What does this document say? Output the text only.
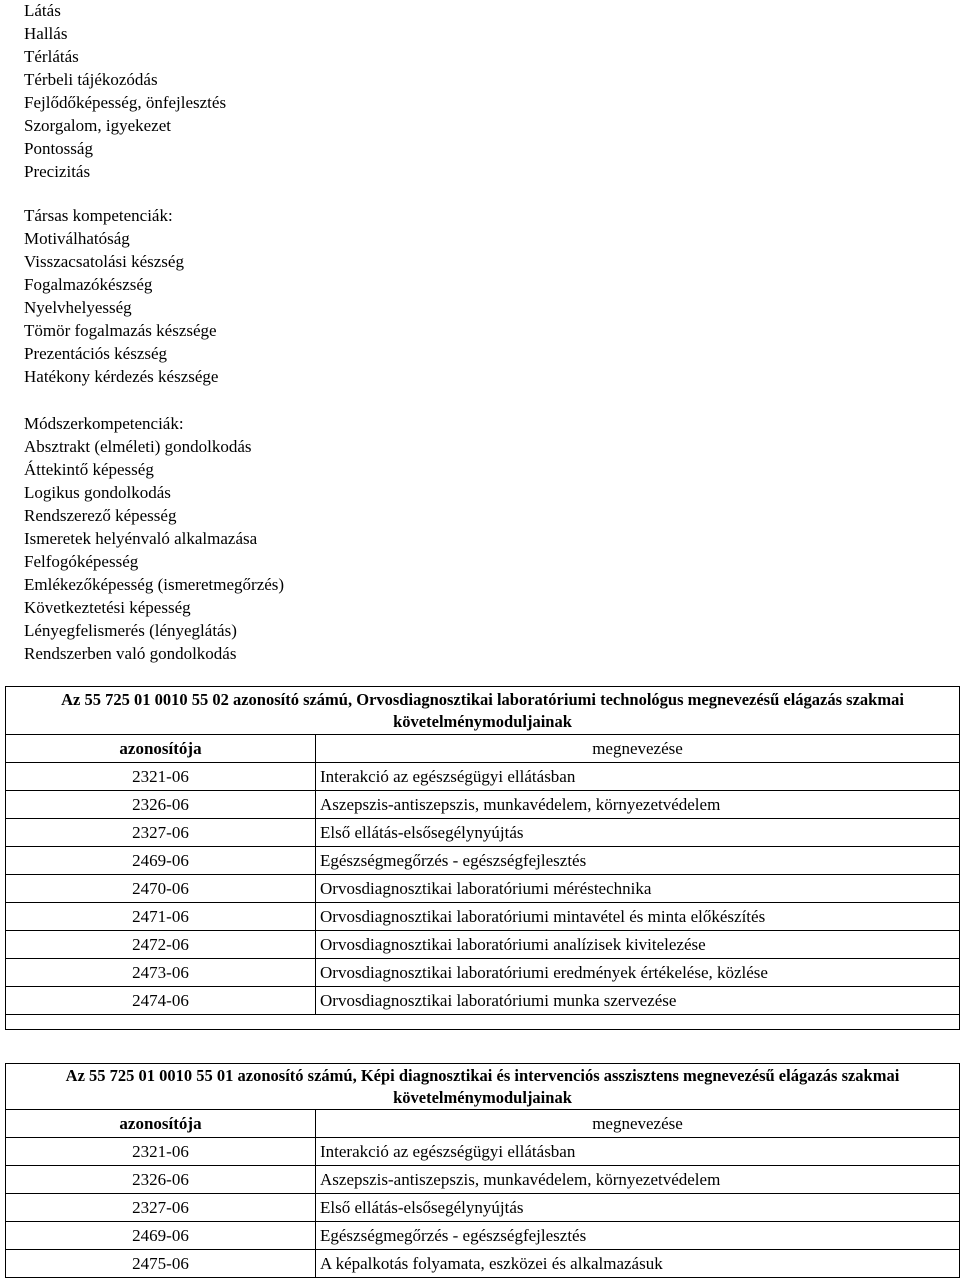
Látás
Hallás
Térlátás
Térbeli tájékozódás
Fejlődőképesség, önfejlesztés
Szorgalom, igyekezet
Pontosság
Precizitás
Társas kompetenciák:
Motiválhatóság
Visszacsatolási készség
Fogalmazókészség
Nyelvhelyesség
Tömör fogalmazás készsége
Prezentációs készség
Hatékony kérdezés készsége
Módszerkompetenciák:
Absztrakt (elméleti) gondolkodás
Áttekintő képesség
Logikus gondolkodás
Rendszerező képesség
Ismeretek helyénvaló alkalmazása
Felfogóképesség
Emlékezőképesség (ismeretmegőrzés)
Következtetési képesség
Lényegfelismerés (lényeglátás)
Rendszerben való gondolkodás
Az 55 725 01 0010 55 02 azonosító számú, Orvosdiagnosztikai laboratóriumi technológus megnevezésű elágazás szakmai követelménymoduljainak	
azonosítója	megnevezése
2321-06	Interakció az egészségügyi ellátásban
2326-06	Aszepszis-antiszepszis, munkavédelem, környezetvédelem
2327-06	Első ellátás-elsősegélynyújtás
2469-06	Egészségmegőrzés - egészségfejlesztés
2470-06	Orvosdiagnosztikai laboratóriumi méréstechnika
2471-06	Orvosdiagnosztikai laboratóriumi mintavétel és minta előkészítés
2472-06	Orvosdiagnosztikai laboratóriumi analízisek kivitelezése
2473-06	Orvosdiagnosztikai laboratóriumi eredmények értékelése, közlése
2474-06	Orvosdiagnosztikai laboratóriumi munka szervezése

Az 55 725 01 0010 55 01 azonosító számú, Képi diagnosztikai és intervenciós asszisztens megnevezésű elágazás szakmai követelménymoduljainak	
azonosítója	megnevezése
2321-06	Interakció az egészségügyi ellátásban
2326-06	Aszepszis-antiszepszis, munkavédelem, környezetvédelem
2327-06	Első ellátás-elsősegélynyújtás
2469-06	Egészségmegőrzés - egészségfejlesztés
2475-06	A képalkotás folyamata, eszközei és alkalmazásuk
